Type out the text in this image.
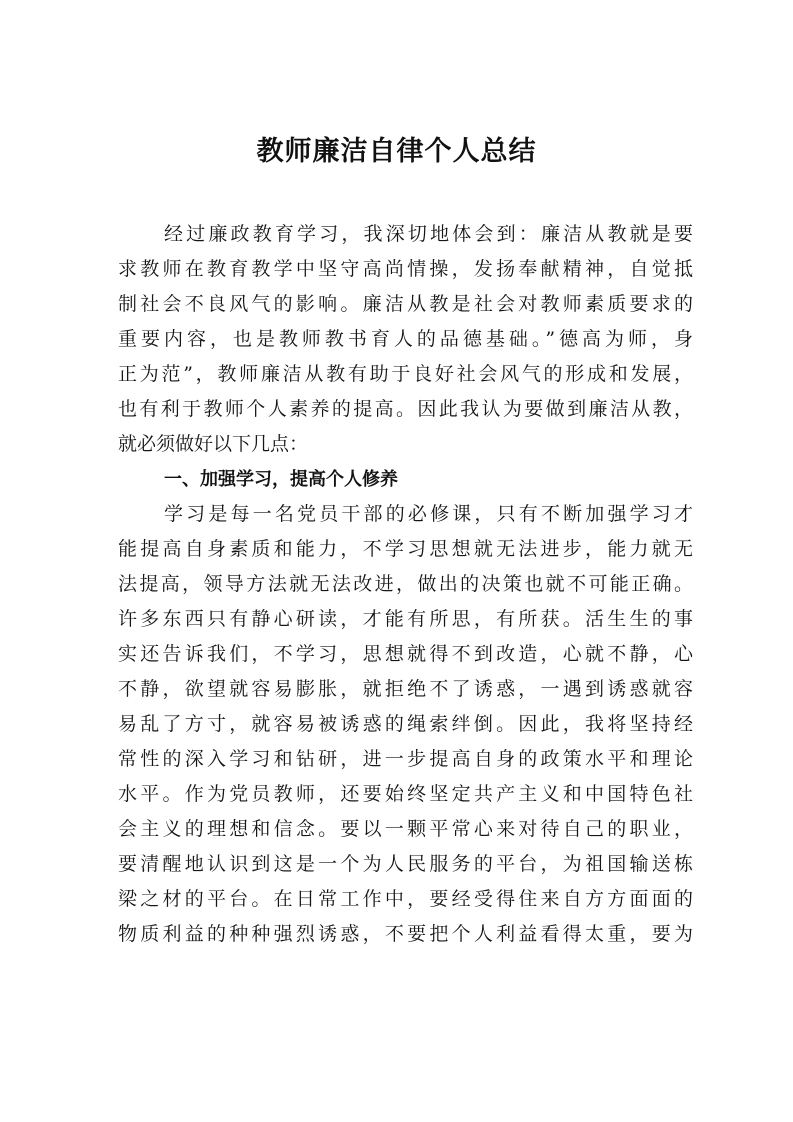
教师廉洁自律个人总结
经过廉政教育学习，我深切地体会到：廉洁从教就是要
求教师在教育教学中坚守高尚情操，发扬奉献精神，自觉抵
制社会不良风气的影响。廉洁从教是社会对教师素质要求的
重要内容，也是教师教书育人的品德基础。”德高为师，身
正为范”，教师廉洁从教有助于良好社会风气的形成和发展，
也有利于教师个人素养的提高。因此我认为要做到廉洁从教，
就必须做好以下几点：
一、加强学习，提高个人修养
学习是每一名党员干部的必修课，只有不断加强学习才
能提高自身素质和能力，不学习思想就无法进步，能力就无
法提高，领导方法就无法改进，做出的决策也就不可能正确。
许多东西只有静心研读，才能有所思，有所获。活生生的事
实还告诉我们，不学习，思想就得不到改造，心就不静，心
不静，欲望就容易膨胀，就拒绝不了诱惑，一遇到诱惑就容
易乱了方寸，就容易被诱惑的绳索绊倒。因此，我将坚持经
常性的深入学习和钻研，进一步提高自身的政策水平和理论
水平。作为党员教师，还要始终坚定共产主义和中国特色社
会主义的理想和信念。要以一颗平常心来对待自己的职业，
要清醒地认识到这是一个为人民服务的平台，为祖国输送栋
梁之材的平台。在日常工作中，要经受得住来自方方面面的
物质利益的种种强烈诱惑，不要把个人利益看得太重，要为
